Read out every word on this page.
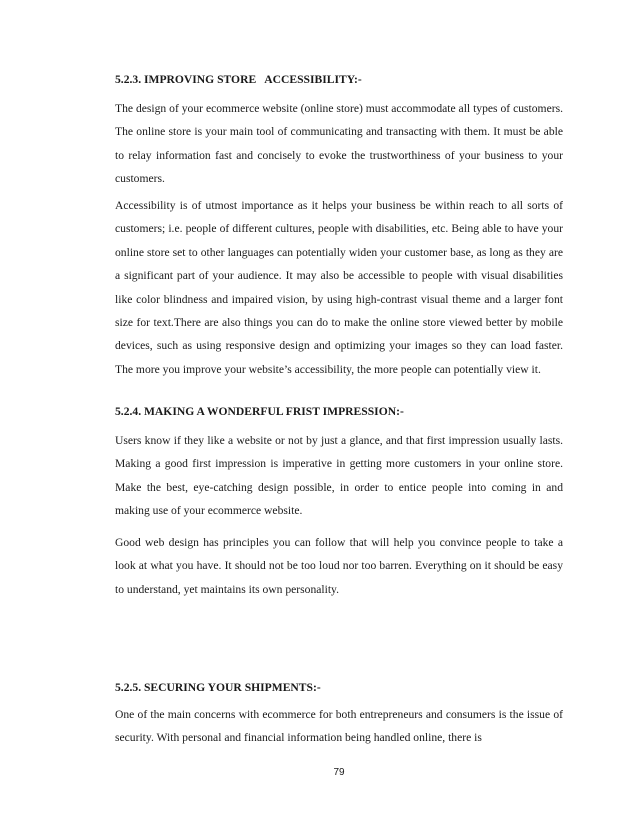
5.2.3. IMPROVING STORE   ACCESSIBILITY:-

The design of your ecommerce website (online store) must accommodate all types of customers. The online store is your main tool of communicating and transacting with them. It must be able to relay information fast and concisely to evoke the trustworthiness of your business to your customers.

Accessibility is of utmost importance as it helps your business be within reach to all sorts of customers; i.e. people of different cultures, people with disabilities, etc. Being able to have your online store set to other languages can potentially widen your customer base, as long as they are a significant part of your audience. It may also be accessible to people with visual disabilities like color blindness and impaired vision, by using high-contrast visual theme and a larger font size for text.There are also things you can do to make the online store viewed better by mobile devices, such as using responsive design and optimizing your images so they can load faster. The more you improve your website’s accessibility, the more people can potentially view it.

5.2.4. MAKING A WONDERFUL FRIST IMPRESSION:-

Users know if they like a website or not by just a glance, and that first impression usually lasts. Making a good first impression is imperative in getting more customers in your online store. Make the best, eye-catching design possible, in order to entice people into coming in and making use of your ecommerce website.

Good web design has principles you can follow that will help you convince people to take a look at what you have. It should not be too loud nor too barren. Everything on it should be easy to understand, yet maintains its own personality.

5.2.5. SECURING YOUR SHIPMENTS:-

One of the main concerns with ecommerce for both entrepreneurs and consumers is the issue of security. With personal and financial information being handled online, there is

79
